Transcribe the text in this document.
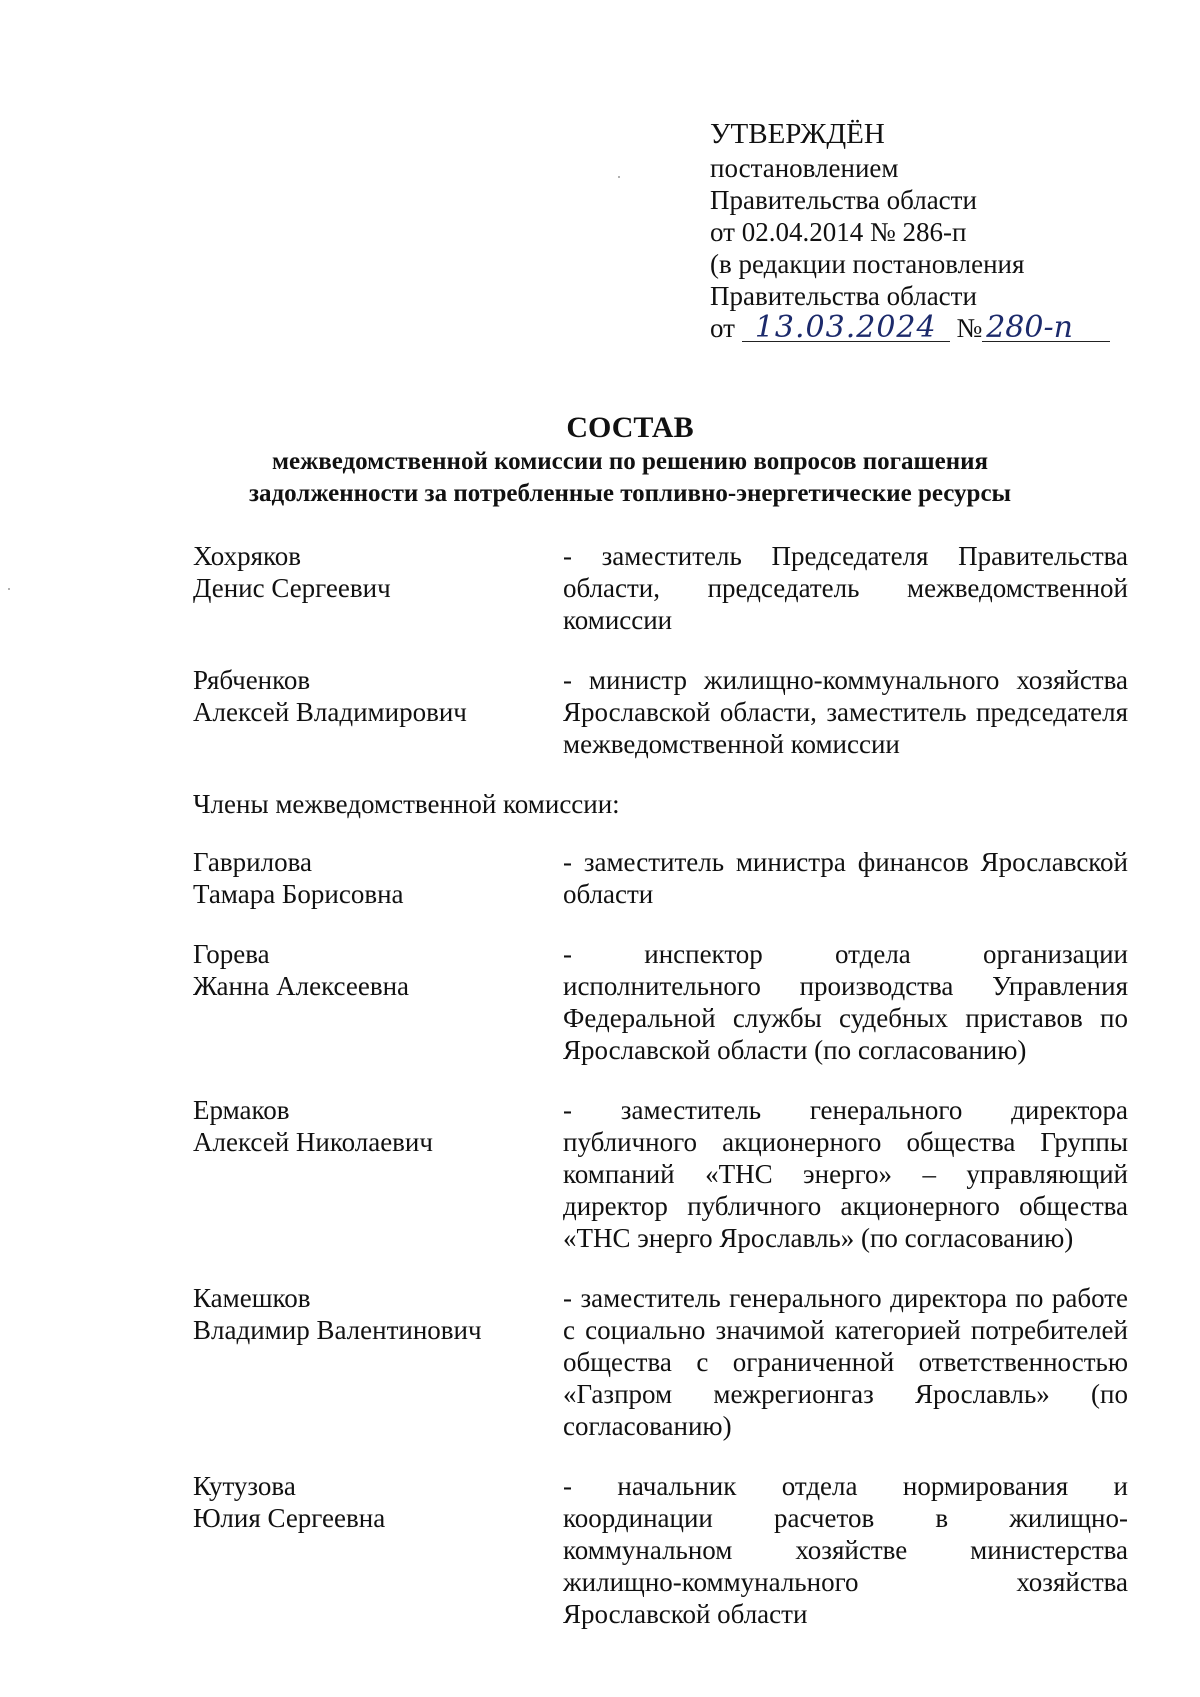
УТВЕРЖДЁН
постановлением
Правительства области
от 02.04.2014 № 286-п
(в редакции постановления
Правительства области
от 13.03.2024 № 280-п
СОСТАВ
межведомственной комиссии по решению вопросов погашения
задолженности за потребленные топливно-энергетические ресурсы
Хохряков
Денис Сергеевич
- заместитель Председателя Правительства области, председатель межведомственной комиссии
Рябченков
Алексей Владимирович
- министр жилищно-коммунального хозяйства Ярославской области, заместитель председателя межведомственной комиссии
Члены межведомственной комиссии:
Гаврилова
Тамара Борисовна
- заместитель министра финансов Ярославской области
Горева
Жанна Алексеевна
- инспектор отдела организации исполнительного производства Управления Федеральной службы судебных приставов по Ярославской области (по согласованию)
Ермаков
Алексей Николаевич
- заместитель генерального директора публичного акционерного общества Группы компаний «ТНС энерго» – управляющий директор публичного акционерного общества «ТНС энерго Ярославль» (по согласованию)
Камешков
Владимир Валентинович
- заместитель генерального директора по работе с социально значимой категорией потребителей общества с ограниченной ответственностью «Газпром межрегионгаз Ярославль» (по согласованию)
Кутузова
Юлия Сергеевна
- начальник отдела нормирования и координации расчетов в жилищно-коммунальном хозяйстве министерства жилищно-коммунального хозяйства Ярославской области
